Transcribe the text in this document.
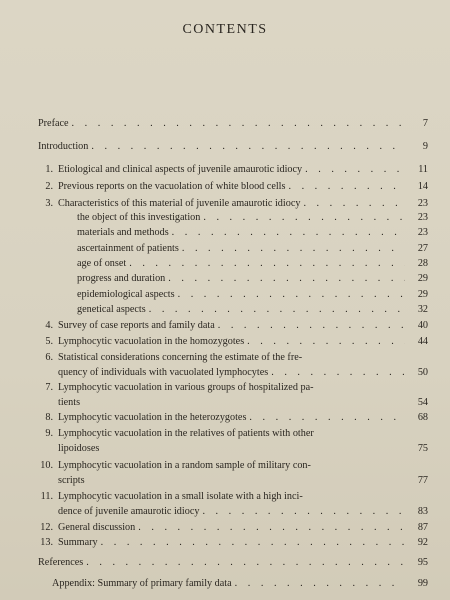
CONTENTS
Preface . . .	7
Introduction . . .	9
1. Etiological and clinical aspects of juvenile amaurotic idiocy . . .	11
2. Previous reports on the vacuolation of white blood cells . . .	14
3. Characteristics of this material of juvenile amaurotic idiocy . . .	23
the object of this investigation . . .	23
materials and methods . . .	23
ascertainment of patients . . .	27
age of onset . . .	28
progress and duration . . .	29
epidemiological aspects . . .	29
genetical aspects . . .	32
4. Survey of case reports and family data . . .	40
5. Lymphocytic vacuolation in the homozygotes . . .	44
6. Statistical considerations concerning the estimate of the fre-
quency of individuals with vacuolated lymphocytes . . .	50
7. Lymphocytic vacuolation in various groups of hospitalized pa-
tients	54
8. Lymphocytic vacuolation in the heterozygotes . . .	68
9. Lymphocytic vacuolation in the relatives of patients with other
lipoidoses	75
10. Lymphocytic vacuolation in a random sample of military con-
scripts	77
11. Lymphocytic vacuolation in a small isolate with a high inci-
dence of juvenile amaurotic idiocy . . .	83
12. General discussion . . .	87
13. Summary . . .	92
References . . .	95
Appendix: Summary of primary family data . . .	99
